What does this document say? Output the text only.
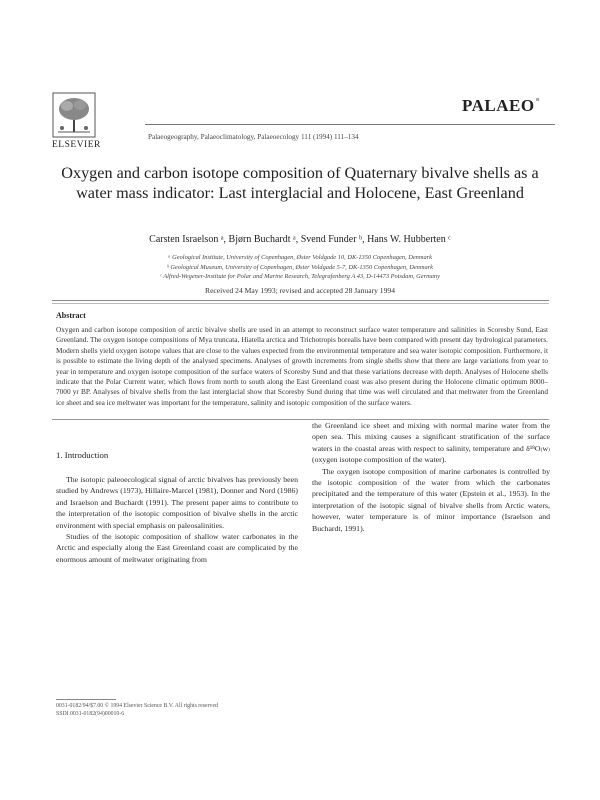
ELSEVIER
Palaeogeography, Palaeoclimatology, Palaeoecology 111 (1994) 111–134
PALAEO≡
Oxygen and carbon isotope composition of Quaternary bivalve shells as a water mass indicator: Last interglacial and Holocene, East Greenland
Carsten Israelson ᵃ, Bjørn Buchardt ᵃ, Svend Funder ᵇ, Hans W. Hubberten ᶜ
ᵃ Geological Institute, University of Copenhagen, Øster Voldgade 10, DK-1350 Copenhagen, Denmark
ᵇ Geological Museum, University of Copenhagen, Øster Voldgade 5-7, DK-1350 Copenhagen, Denmark
ᶜ Alfred-Wegener-Institute for Polar and Marine Research, Telegrafenberg A 43, D-14473 Potsdam, Germany
Received 24 May 1993; revised and accepted 28 January 1994
Abstract
Oxygen and carbon isotope composition of arctic bivalve shells are used in an attempt to reconstruct surface water temperature and salinities in Scoresby Sund, East Greenland. The oxygen isotope compositions of Mya truncata, Hiatella arctica and Trichotropis borealis have been compared with present day hydrological parameters. Modern shells yield oxygen isotope values that are close to the values expected from the environmental temperature and sea water isotopic composition. Furthermore, it is possible to estimate the living depth of the analysed specimens. Analyses of growth increments from single shells show that there are large variations from year to year in temperature and oxygen isotope composition of the surface waters of Scoresby Sund and that these variations decrease with depth. Analyses of Holocene shells indicate that the Polar Current water, which flows from north to south along the East Greenland coast was also present during the Holocene climatic optimum 8000–7000 yr BP. Analyses of bivalve shells from the last interglacial show that Scoresby Sund during that time was well circulated and that meltwater from the Greenland ice sheet and sea ice meltwater was important for the temperature, salinity and isotopic composition of the surface waters.
1. Introduction

The isotopic paleoecological signal of arctic bivalves has previously been studied by Andrews (1973), Hillaire-Marcel (1981), Donner and Nord (1986) and Israelson and Buchardt (1991). The present paper aims to contribute to the interpretation of the isotopic composition of bivalve shells in the arctic environment with special emphasis on paleosalinities.

Studies of the isotopic composition of shallow water carbonates in the Arctic and especially along the East Greenland coast are complicated by the enormous amount of meltwater originating from

the Greenland ice sheet and mixing with normal marine water from the open sea. This mixing causes a significant stratification of the surface waters in the coastal areas with respect to salinity, temperature and δ¹⁸O₍w₎ (oxygen isotope composition of the water).

The oxygen isotope composition of marine carbonates is controlled by the isotopic composition of the water from which the carbonates precipitated and the temperature of this water (Epstein et al., 1953). In the interpretation of the isotopic signal of bivalve shells from Arctic waters, however, water temperature is of minor importance (Israelson and Buchardt, 1991).

0031-0182/94/$7.00 © 1994 Elsevier Science B.V. All rights reserved
SSDI 0031-0182(94)00010-6
